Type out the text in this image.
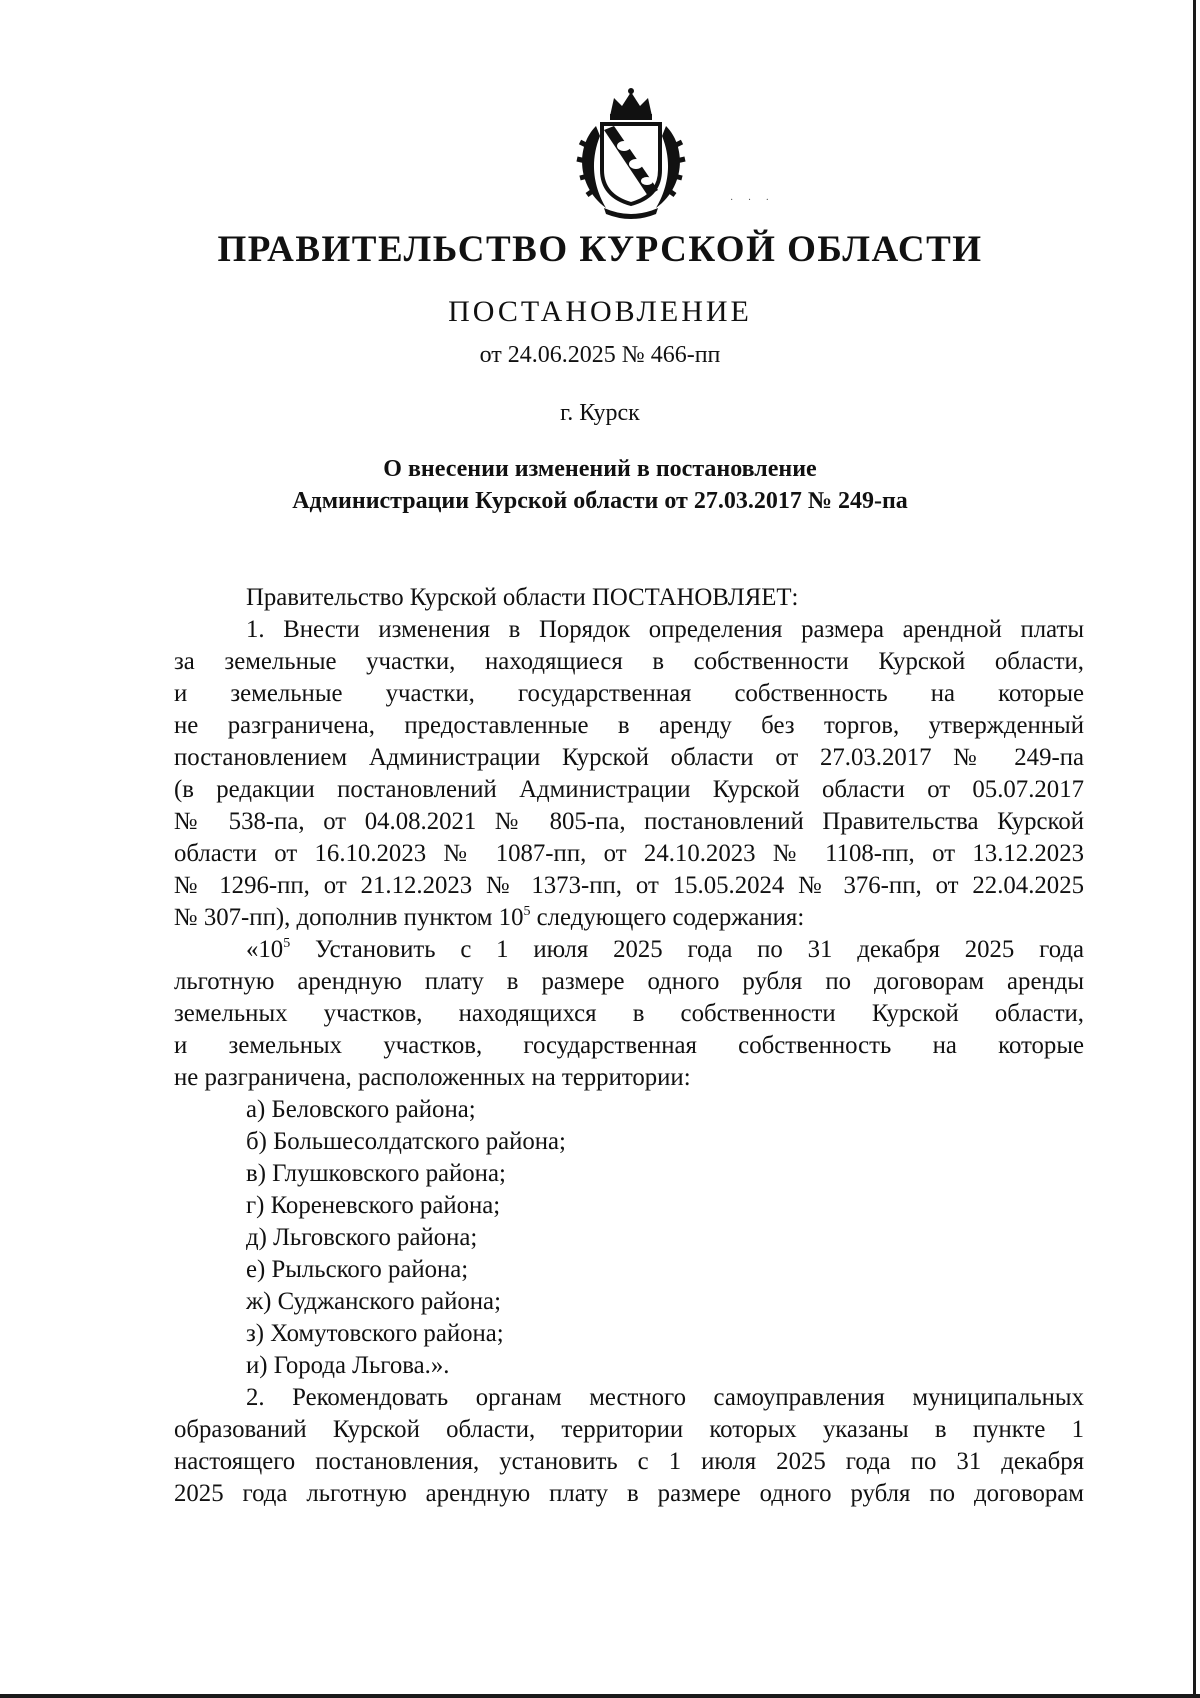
· · ·
ПРАВИТЕЛЬСТВО КУРСКОЙ ОБЛАСТИ
ПОСТАНОВЛЕНИЕ
от 24.06.2025 № 466-пп
г. Курск
О внесении изменений в постановление
Администрации Курской области от 27.03.2017 № 249-па

Правительство Курской области ПОСТАНОВЛЯЕТ:

1. Внести изменения в Порядок определения размера арендной платы

за земельные участки, находящиеся в собственности Курской области,

и земельные участки, государственная собственность на которые

не разграничена, предоставленные в аренду без торгов, утвержденный

постановлением Администрации Курской области от 27.03.2017 № 249-па

(в редакции постановлений Администрации Курской области от 05.07.2017

№ 538-па, от 04.08.2021 № 805-па, постановлений Правительства Курской

области от 16.10.2023 № 1087-пп, от 24.10.2023 № 1108-пп, от 13.12.2023

№ 1296-пп, от 21.12.2023 № 1373-пп, от 15.05.2024 № 376-пп, от 22.04.2025

№ 307-пп), дополнив пунктом $10^5$ следующего содержания:

«$10^5$ Установить с 1 июля 2025 года по 31 декабря 2025 года

льготную арендную плату в размере одного рубля по договорам аренды

земельных участков, находящихся в собственности Курской области,

и земельных участков, государственная собственность на которые

не разграничена, расположенных на территории:

а) Беловского района;

б) Большесолдатского района;

в) Глушковского района;

г) Кореневского района;

д) Льговского района;

е) Рыльского района;

ж) Суджанского района;

з) Хомутовского района;

и) Города Льгова.».

2. Рекомендовать органам местного самоуправления муниципальных

образований Курской области, территории которых указаны в пункте 1

настоящего постановления, установить с 1 июля 2025 года по 31 декабря

2025 года льготную арендную плату в размере одного рубля по договорам
